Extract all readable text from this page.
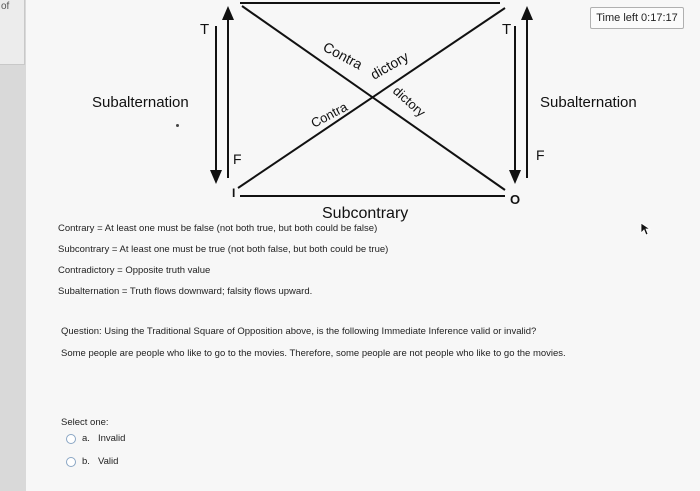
of
T
F
I
T
F
O
Subalternation	Subalternation
Contra dictory
Contra	dictory
Subcontrary
Time left 0:17:17
Contrary = At least one must be false (not both true, but both could be false)
Subcontrary = At least one must be true (not both false, but both could be true)
Contradictory = Opposite truth value
Subalternation = Truth flows downward; falsity flows upward.
Question: Using the Traditional Square of Opposition above, is the following Immediate Inference valid or invalid?
Some people are people who like to go to the movies. Therefore, some people are not people who like to go the movies.
Select one:
a. Invalid
b. Valid
